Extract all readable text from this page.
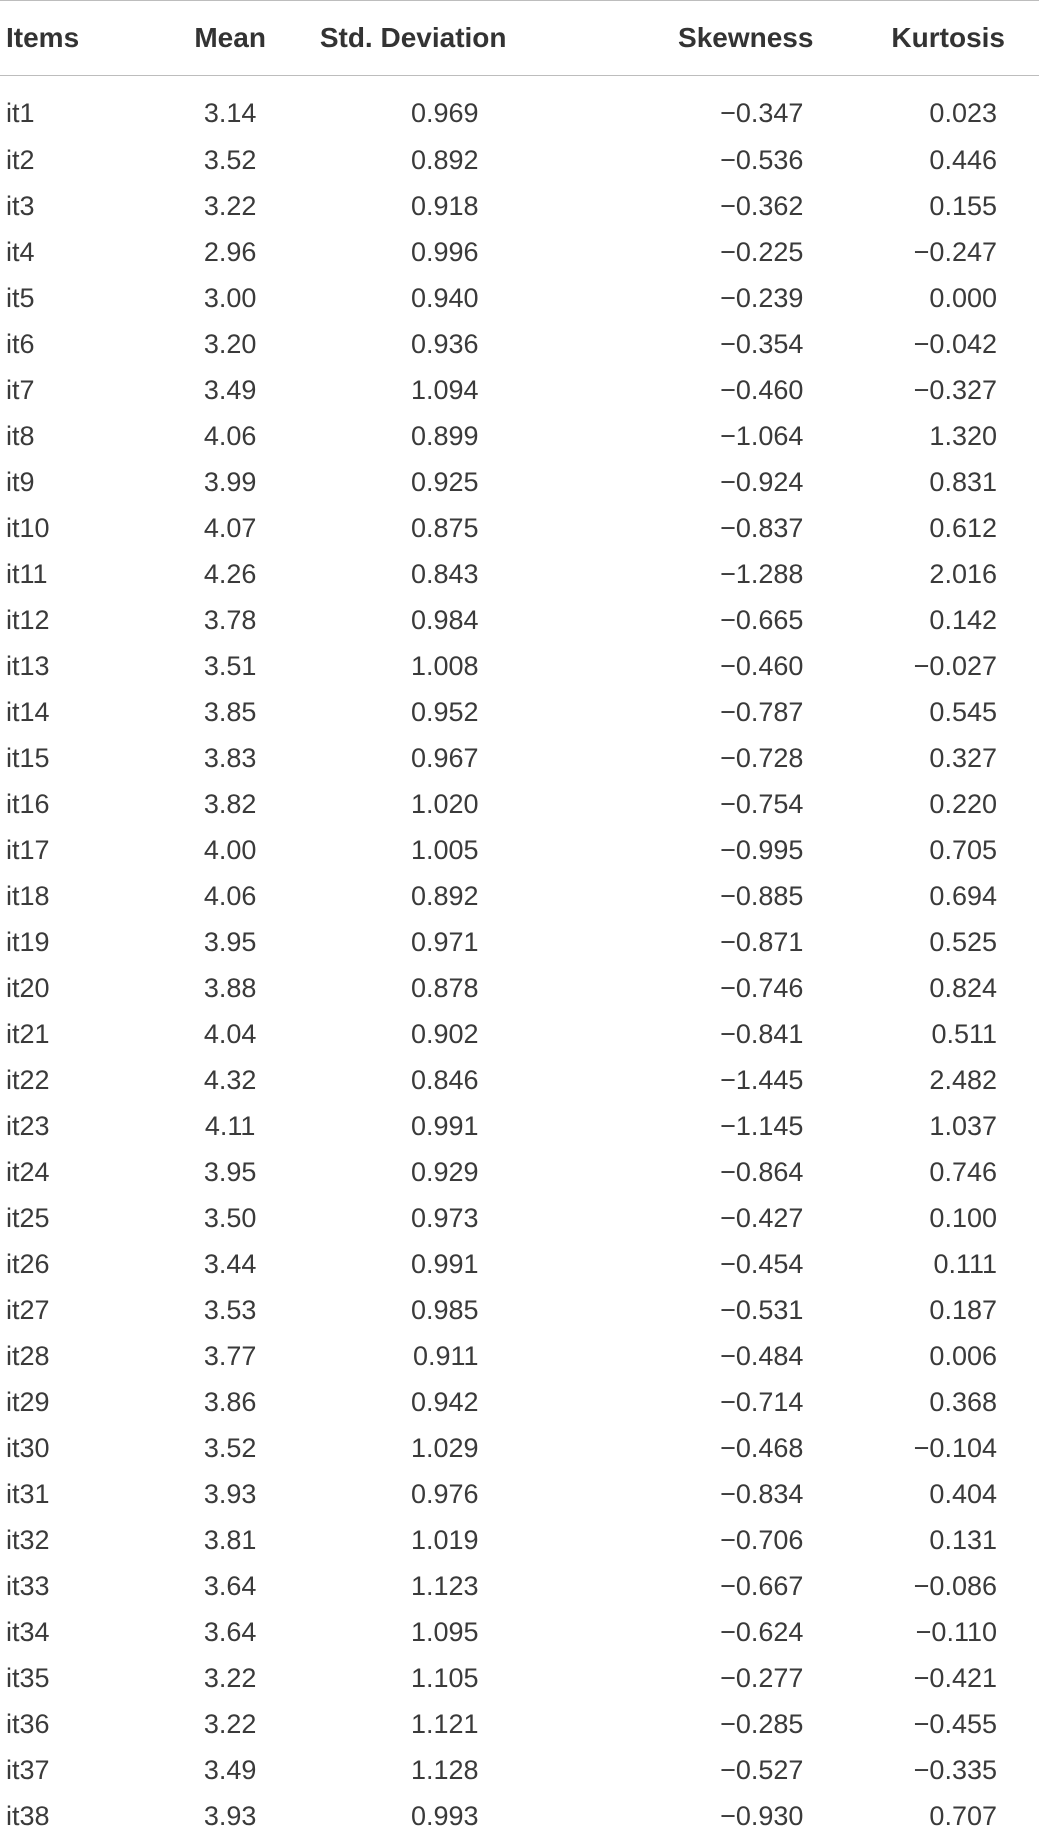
Items	Mean	Std. Deviation	Skewness	Kurtosis
it1	3.14	0.969	−0.347	0.023
it2	3.52	0.892	−0.536	0.446
it3	3.22	0.918	−0.362	0.155
it4	2.96	0.996	−0.225	−0.247
it5	3.00	0.940	−0.239	0.000
it6	3.20	0.936	−0.354	−0.042
it7	3.49	1.094	−0.460	−0.327
it8	4.06	0.899	−1.064	1.320
it9	3.99	0.925	−0.924	0.831
it10	4.07	0.875	−0.837	0.612
it11	4.26	0.843	−1.288	2.016
it12	3.78	0.984	−0.665	0.142
it13	3.51	1.008	−0.460	−0.027
it14	3.85	0.952	−0.787	0.545
it15	3.83	0.967	−0.728	0.327
it16	3.82	1.020	−0.754	0.220
it17	4.00	1.005	−0.995	0.705
it18	4.06	0.892	−0.885	0.694
it19	3.95	0.971	−0.871	0.525
it20	3.88	0.878	−0.746	0.824
it21	4.04	0.902	−0.841	0.511
it22	4.32	0.846	−1.445	2.482
it23	4.11	0.991	−1.145	1.037
it24	3.95	0.929	−0.864	0.746
it25	3.50	0.973	−0.427	0.100
it26	3.44	0.991	−0.454	0.111
it27	3.53	0.985	−0.531	0.187
it28	3.77	0.911	−0.484	0.006
it29	3.86	0.942	−0.714	0.368
it30	3.52	1.029	−0.468	−0.104
it31	3.93	0.976	−0.834	0.404
it32	3.81	1.019	−0.706	0.131
it33	3.64	1.123	−0.667	−0.086
it34	3.64	1.095	−0.624	−0.110
it35	3.22	1.105	−0.277	−0.421
it36	3.22	1.121	−0.285	−0.455
it37	3.49	1.128	−0.527	−0.335
it38	3.93	0.993	−0.930	0.707
